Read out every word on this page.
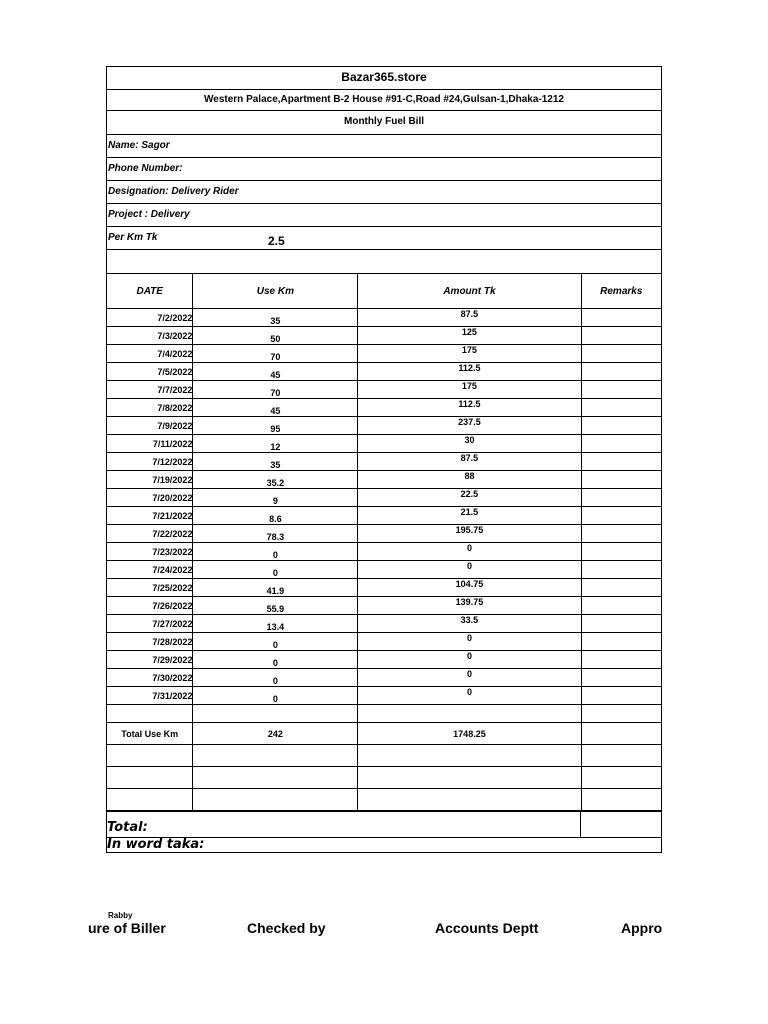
Bazar365.store
Western Palace,Apartment B-2 House #91-C,Road #24,Gulsan-1,Dhaka-1212
Monthly Fuel Bill
Name: Sagor
Phone Number:
Designation: Delivery Rider
Project : Delivery
Per Km Tk	2.5
DATE	Use Km	Amount Tk	Remarks
7/2/2022	35	87.5	
7/3/2022	50	125	
7/4/2022	70	175	
7/5/2022	45	112.5	
7/7/2022	70	175	
7/8/2022	45	112.5	
7/9/2022	95	237.5	
7/11/2022	12	30	
7/12/2022	35	87.5	
7/19/2022	35.2	88	
7/20/2022	9	22.5	
7/21/2022	8.6	21.5	
7/22/2022	78.3	195.75	
7/23/2022	0	0	
7/24/2022	0	0	
7/25/2022	41.9	104.75	
7/26/2022	55.9	139.75	
7/27/2022	13.4	33.5	
7/28/2022	0	0	
7/29/2022	0	0	
7/30/2022	0	0	
7/31/2022	0	0	

Total Use Km	242	1748.25	

Total:
In word taka:
Rabby
ure of Biller	Checked by	Accounts Deptt	Appro
